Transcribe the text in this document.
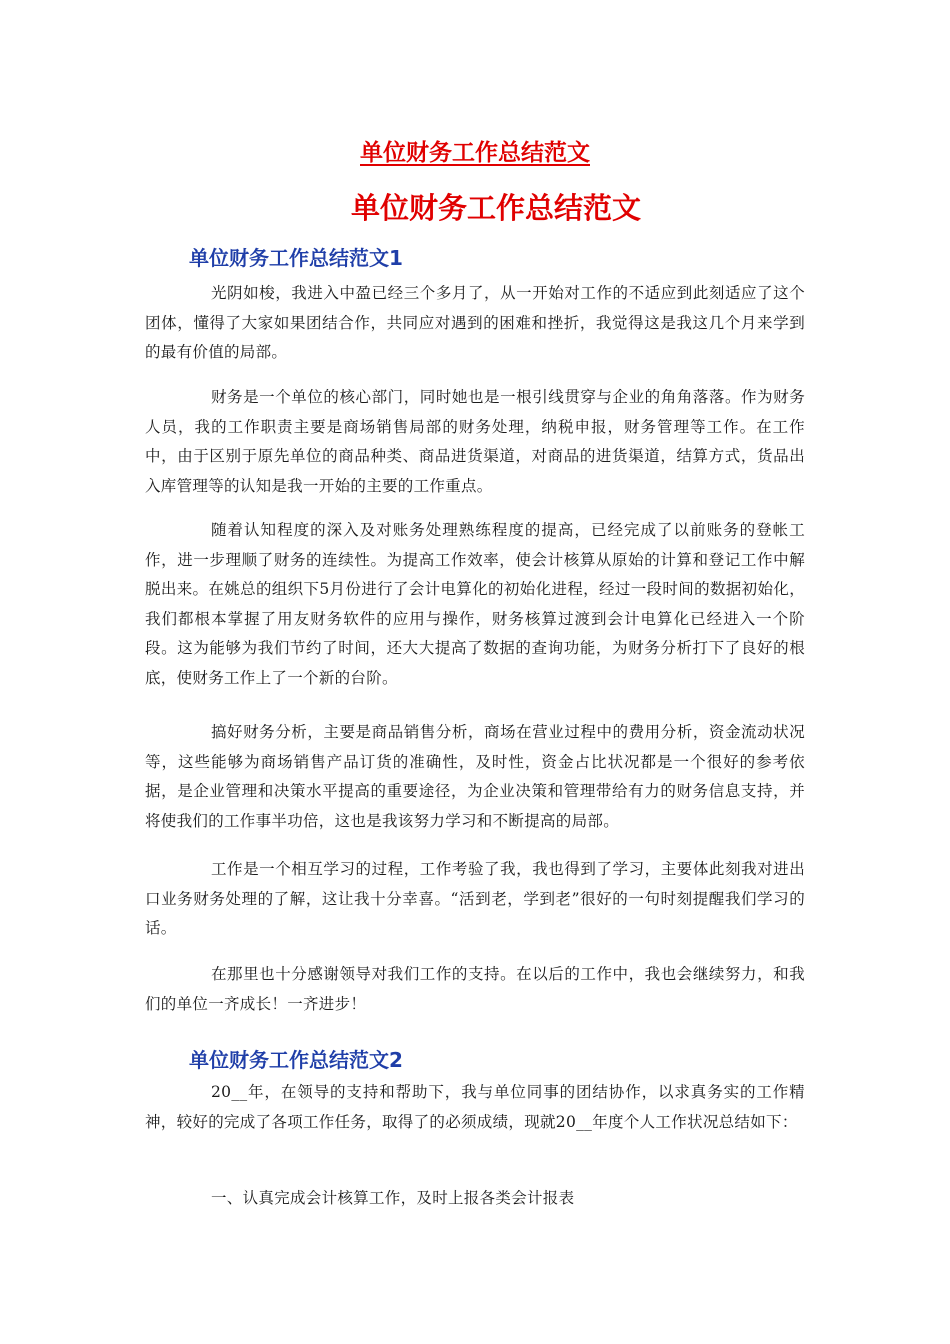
单位财务工作总结范文
单位财务工作总结范文
单位财务工作总结范文1

光阴如梭，我进入中盈已经三个多月了，从一开始对工作的不适应到此刻适应了这个团体，懂得了大家如果团结合作，共同应对遇到的困难和挫折，我觉得这是我这几个月来学到的最有价值的局部。

财务是一个单位的核心部门，同时她也是一根引线贯穿与企业的角角落落。作为财务人员，我的工作职责主要是商场销售局部的财务处理，纳税申报，财务管理等工作。在工作中，由于区别于原先单位的商品种类、商品进货渠道，对商品的进货渠道，结算方式，货品出入库管理等的认知是我一开始的主要的工作重点。

随着认知程度的深入及对账务处理熟练程度的提高，已经完成了以前账务的登帐工作，进一步理顺了财务的连续性。为提高工作效率，使会计核算从原始的计算和登记工作中解脱出来。在姚总的组织下5月份进行了会计电算化的初始化进程，经过一段时间的数据初始化，我们都根本掌握了用友财务软件的应用与操作，财务核算过渡到会计电算化已经进入一个阶段。这为能够为我们节约了时间，还大大提高了数据的查询功能，为财务分析打下了良好的根底，使财务工作上了一个新的台阶。

搞好财务分析，主要是商品销售分析，商场在营业过程中的费用分析，资金流动状况等，这些能够为商场销售产品订货的准确性，及时性，资金占比状况都是一个很好的参考依据，是企业管理和决策水平提高的重要途径，为企业决策和管理带给有力的财务信息支持，并将使我们的工作事半功倍，这也是我该努力学习和不断提高的局部。

工作是一个相互学习的过程，工作考验了我，我也得到了学习，主要体此刻我对进出口业务财务处理的了解，这让我十分幸喜。“活到老，学到老”很好的一句时刻提醒我们学习的话。

在那里也十分感谢领导对我们工作的支持。在以后的工作中，我也会继续努力，和我们的单位一齐成长！一齐进步！

单位财务工作总结范文2

20__年，在领导的支持和帮助下，我与单位同事的团结协作，以求真务实的工作精神，较好的完成了各项工作任务，取得了的必须成绩，现就20__年度个人工作状况总结如下：

一、认真完成会计核算工作，及时上报各类会计报表
